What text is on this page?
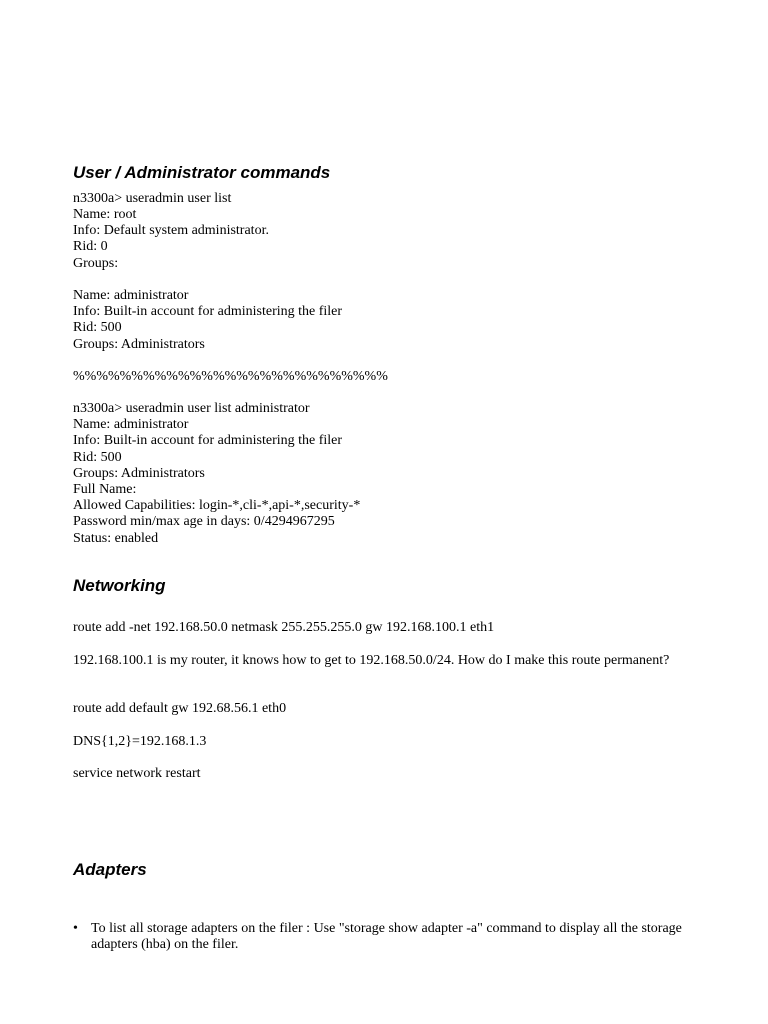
User / Administrator commands
n3300a> useradmin user list
Name: root
Info: Default system administrator.
Rid: 0
Groups:
Name: administrator
Info: Built-in account for administering the filer
Rid: 500
Groups: Administrators
%%%%%%%%%%%%%%%%%%%%%%%%%%%
n3300a> useradmin user list administrator
Name: administrator
Info: Built-in account for administering the filer
Rid: 500
Groups: Administrators
Full Name:
Allowed Capabilities: login-*,cli-*,api-*,security-*
Password min/max age in days: 0/4294967295
Status: enabled
Networking
route add -net 192.168.50.0 netmask 255.255.255.0 gw 192.168.100.1 eth1
192.168.100.1 is my router, it knows how to get to 192.168.50.0/24. How do I make this route permanent?
route add default gw 192.68.56.1 eth0
DNS{1,2}=192.168.1.3
service network restart
Adapters
• To list all storage adapters on the filer : Use "storage show adapter -a" command to display all the storage adapters (hba) on the filer.
